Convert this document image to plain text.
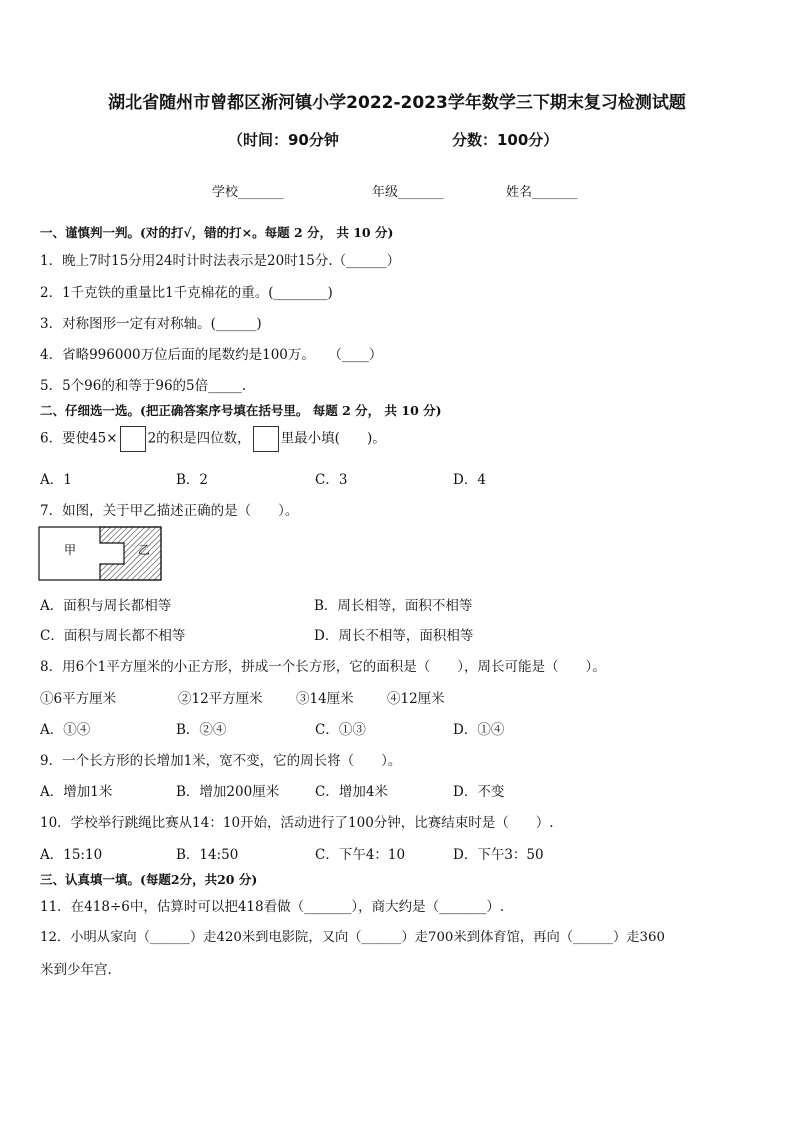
湖北省随州市曾都区淅河镇小学2022-2023学年数学三下期末复习检测试题
（时间：90分钟	分数：100分）
学校_______	年级_______	姓名_______
一、谨慎判一判。(对的打√，错的打×。每题 2 分， 共 10 分)
1．晚上7时15分用24时计时法表示是20时15分.（______）
2．1千克铁的重量比1千克棉花的重。(________)
3．对称图形一定有对称轴。(______)
4．省略996000万位后面的尾数约是100万。　　（____）
5．5个96的和等于96的5倍_____.
二、仔细选一选。(把正确答案序号填在括号里。 每题 2 分， 共 10 分)
6．要使45× 2的积是四位数， 里最小填(　　)。
A．1	B．2	C．3	D．4
7．如图，关于甲乙描述正确的是（　　）。
甲	乙
A．面积与周长都相等	B．周长相等，面积不相等
C．面积与周长都不相等	D．周长不相等，面积相等
8．用6个1平方厘米的小正方形，拼成一个长方形，它的面积是（　　），周长可能是（　　）。
①6平方厘米	②12平方厘米 ③14厘米 ④12厘米
A．①④	B．②④	C．①③	D．①④
9．一个长方形的长增加1米，宽不变，它的周长将（　　）。
A．增加1米	B．增加200厘米	C．增加4米	D．不变
10．学校举行跳绳比赛从14：10开始，活动进行了100分钟，比赛结束时是（　　）.
A．15:10	B．14:50	C．下午4：10	D．下午3：50
三、认真填一填。(每题2分，共20 分)
11．在418÷6中，估算时可以把418看做（_______），商大约是（_______）.
12．小明从家向（______）走420米到电影院，又向（______）走700米到体育馆，再向（______）走360
米到少年宫.
